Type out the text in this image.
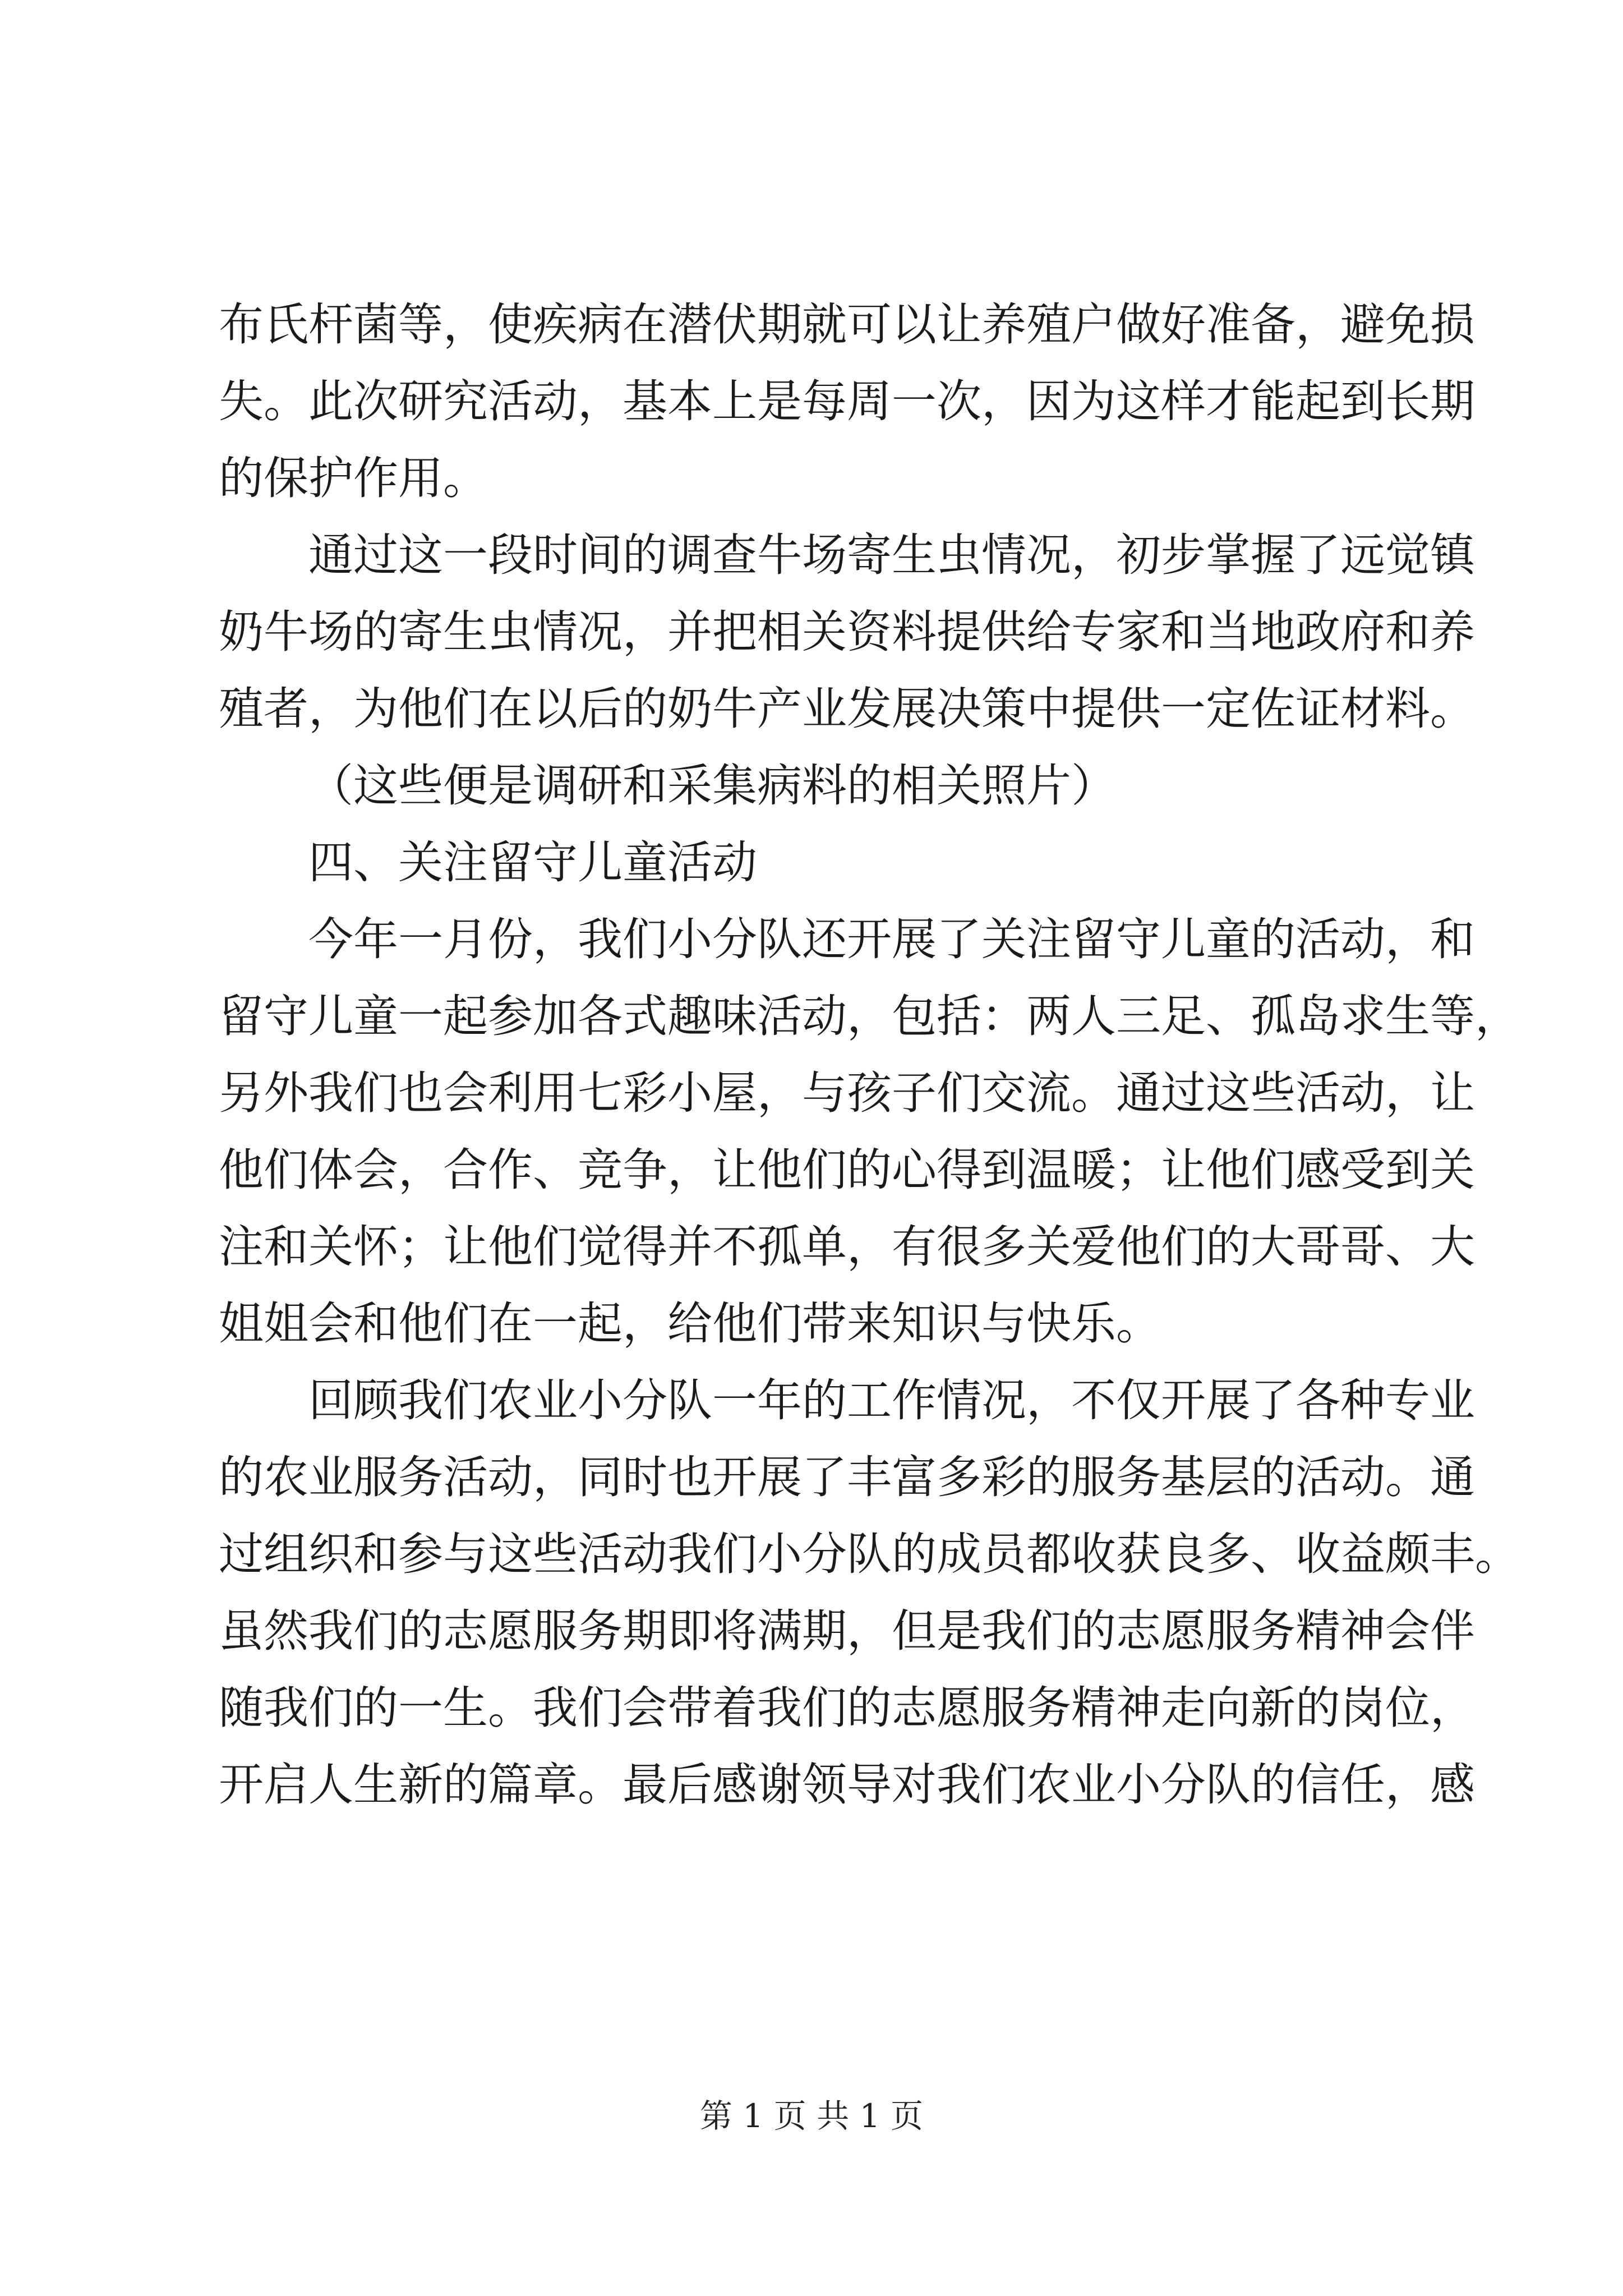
布氏杆菌等，使疾病在潜伏期就可以让养殖户做好准备，避免损
失。此次研究活动，基本上是每周一次，因为这样才能起到长期
的保护作用。
通过这一段时间的调查牛场寄生虫情况，初步掌握了远觉镇
奶牛场的寄生虫情况，并把相关资料提供给专家和当地政府和养
殖者，为他们在以后的奶牛产业发展决策中提供一定佐证材料。
（这些便是调研和采集病料的相关照片）
四、关注留守儿童活动
今年一月份，我们小分队还开展了关注留守儿童的活动，和
留守儿童一起参加各式趣味活动，包括：两人三足、孤岛求生等，
另外我们也会利用七彩小屋，与孩子们交流。通过这些活动，让
他们体会，合作、竞争，让他们的心得到温暖；让他们感受到关
注和关怀；让他们觉得并不孤单，有很多关爱他们的大哥哥、大
姐姐会和他们在一起，给他们带来知识与快乐。
回顾我们农业小分队一年的工作情况，不仅开展了各种专业
的农业服务活动，同时也开展了丰富多彩的服务基层的活动。通
过组织和参与这些活动我们小分队的成员都收获良多、收益颇丰。
虽然我们的志愿服务期即将满期，但是我们的志愿服务精神会伴
随我们的一生。我们会带着我们的志愿服务精神走向新的岗位，
开启人生新的篇章。最后感谢领导对我们农业小分队的信任，感
第 1 页 共 1 页
